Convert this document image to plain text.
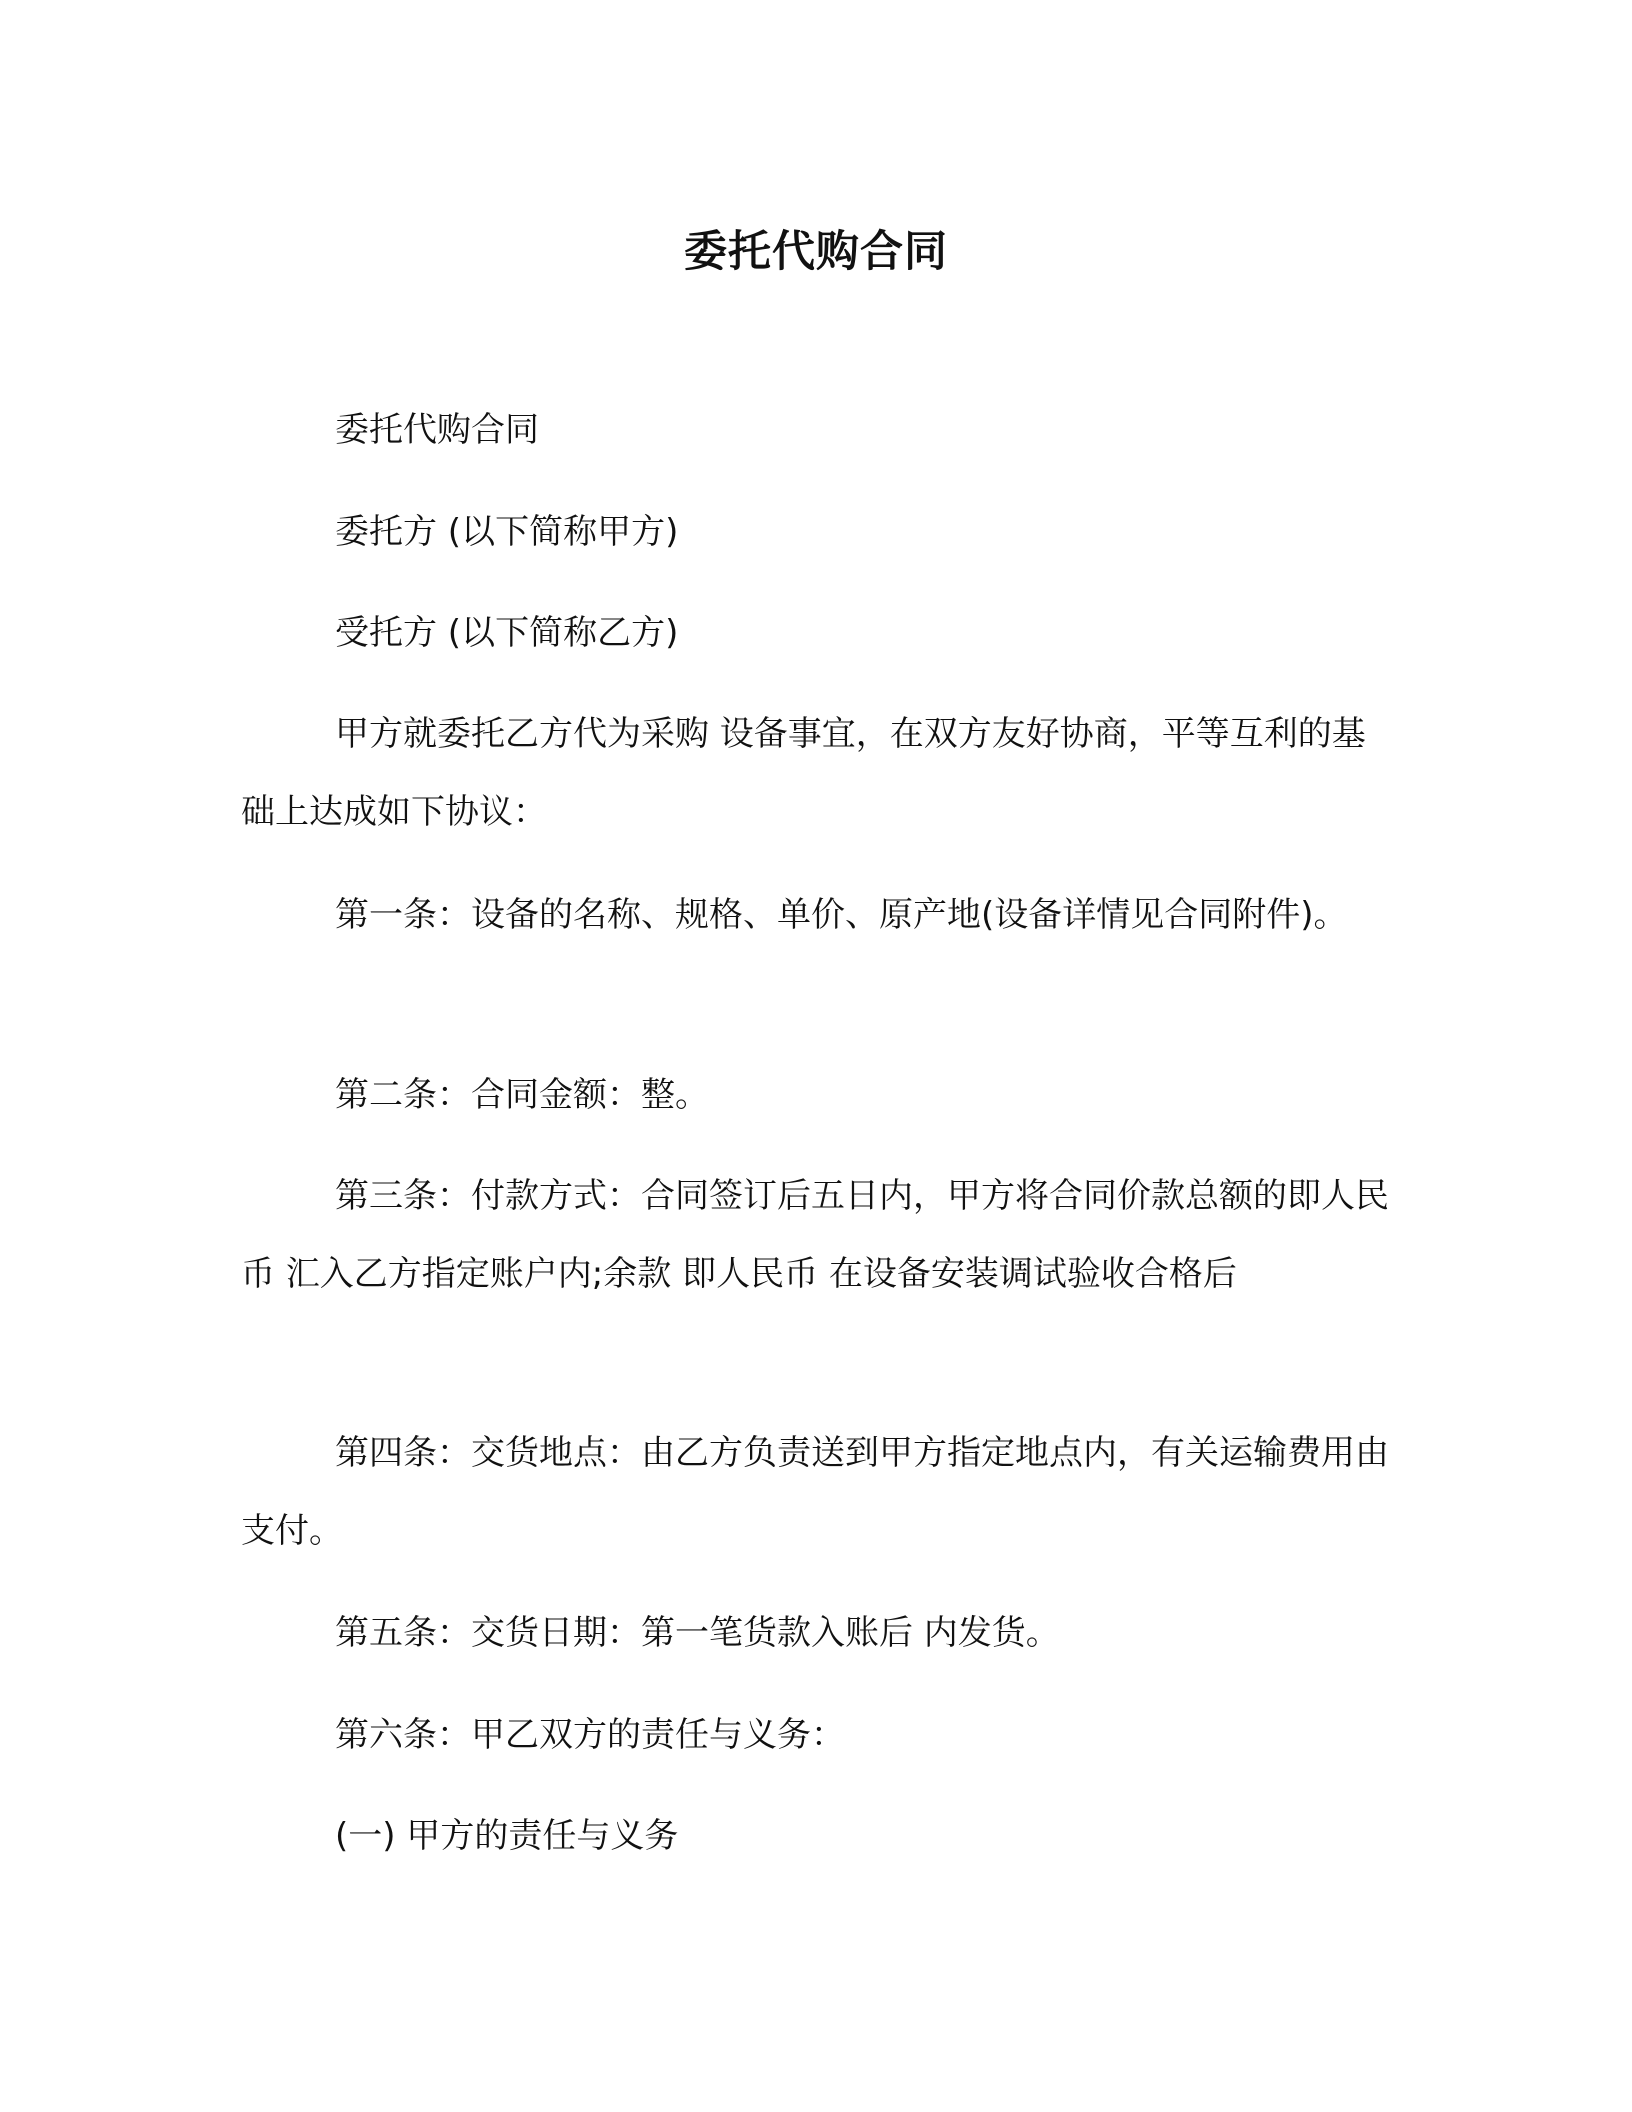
委托代购合同

委托代购合同

委托方 (以下简称甲方)

受托方 (以下简称乙方)

甲方就委托乙方代为采购 设备事宜，在双方友好协商，平等互利的基础上达成如下协议：

第一条：设备的名称、规格、单价、原产地(设备详情见合同附件)。

第二条：合同金额：整。

第三条：付款方式：合同签订后五日内，甲方将合同价款总额的即人民币 汇入乙方指定账户内;余款 即人民币 在设备安装调试验收合格后

第四条：交货地点：由乙方负责送到甲方指定地点内，有关运输费用由 支付。

第五条：交货日期：第一笔货款入账后 内发货。

第六条：甲乙双方的责任与义务：

(一) 甲方的责任与义务
